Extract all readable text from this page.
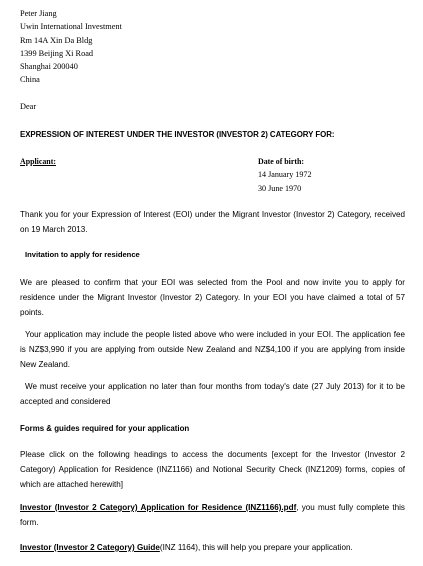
Peter Jiang
Uwin International Investment
Rm 14A Xin Da Bldg
1399 Beijing Xi Road
Shanghai 200040
China
Dear
EXPRESSION OF INTEREST UNDER THE INVESTOR (INVESTOR 2) CATEGORY FOR:
Applicant:	Date of birth:
14 January 1972
30 June 1970
Thank you for your Expression of Interest (EOI) under the Migrant Investor (Investor 2) Category, received on 19 March 2013.
Invitation to apply for residence
We are pleased to confirm that your EOI was selected from the Pool and now invite you to apply for residence under the Migrant Investor (Investor 2) Category. In your EOI you have claimed a total of 57 points.
Your application may include the people listed above who were included in your EOI. The application fee is NZ$3,990 if you are applying from outside New Zealand and NZ$4,100 if you are applying from inside New Zealand.
We must receive your application no later than four months from today's date (27 July 2013) for it to be accepted and considered
Forms & guides required for your application
Please click on the following headings to access the documents [except for the Investor (Investor 2 Category) Application for Residence (INZ1166) and Notional Security Check (INZ1209) forms, copies of which are attached herewith]
Investor (Investor 2 Category) Application for Residence (INZ1166).pdf, you must fully complete this form.
Investor (Investor 2 Category) Guide(INZ 1164), this will help you prepare your application.
